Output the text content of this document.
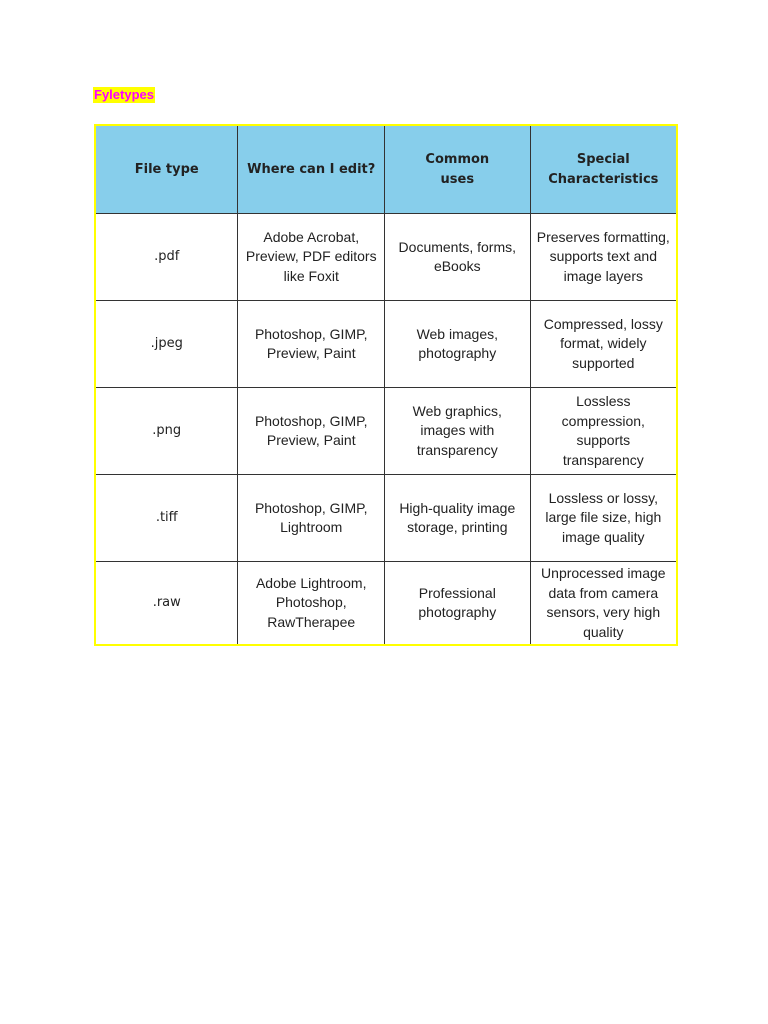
Fyletypes
File type	Where can I edit?	Common uses	Special Characteristics
.pdf	Adobe Acrobat, Preview, PDF editors like Foxit	Documents, forms, eBooks	Preserves formatting, supports text and image layers
.jpeg	Photoshop, GIMP, Preview, Paint	Web images, photography	Compressed, lossy format, widely supported
.png	Photoshop, GIMP, Preview, Paint	Web graphics, images with transparency	Lossless compression, supports transparency
.tiff	Photoshop, GIMP, Lightroom	High-quality image storage, printing	Lossless or lossy, large file size, high image quality
.raw	Adobe Lightroom, Photoshop, RawTherapee	Professional photography	Unprocessed image data from camera sensors, very high quality
